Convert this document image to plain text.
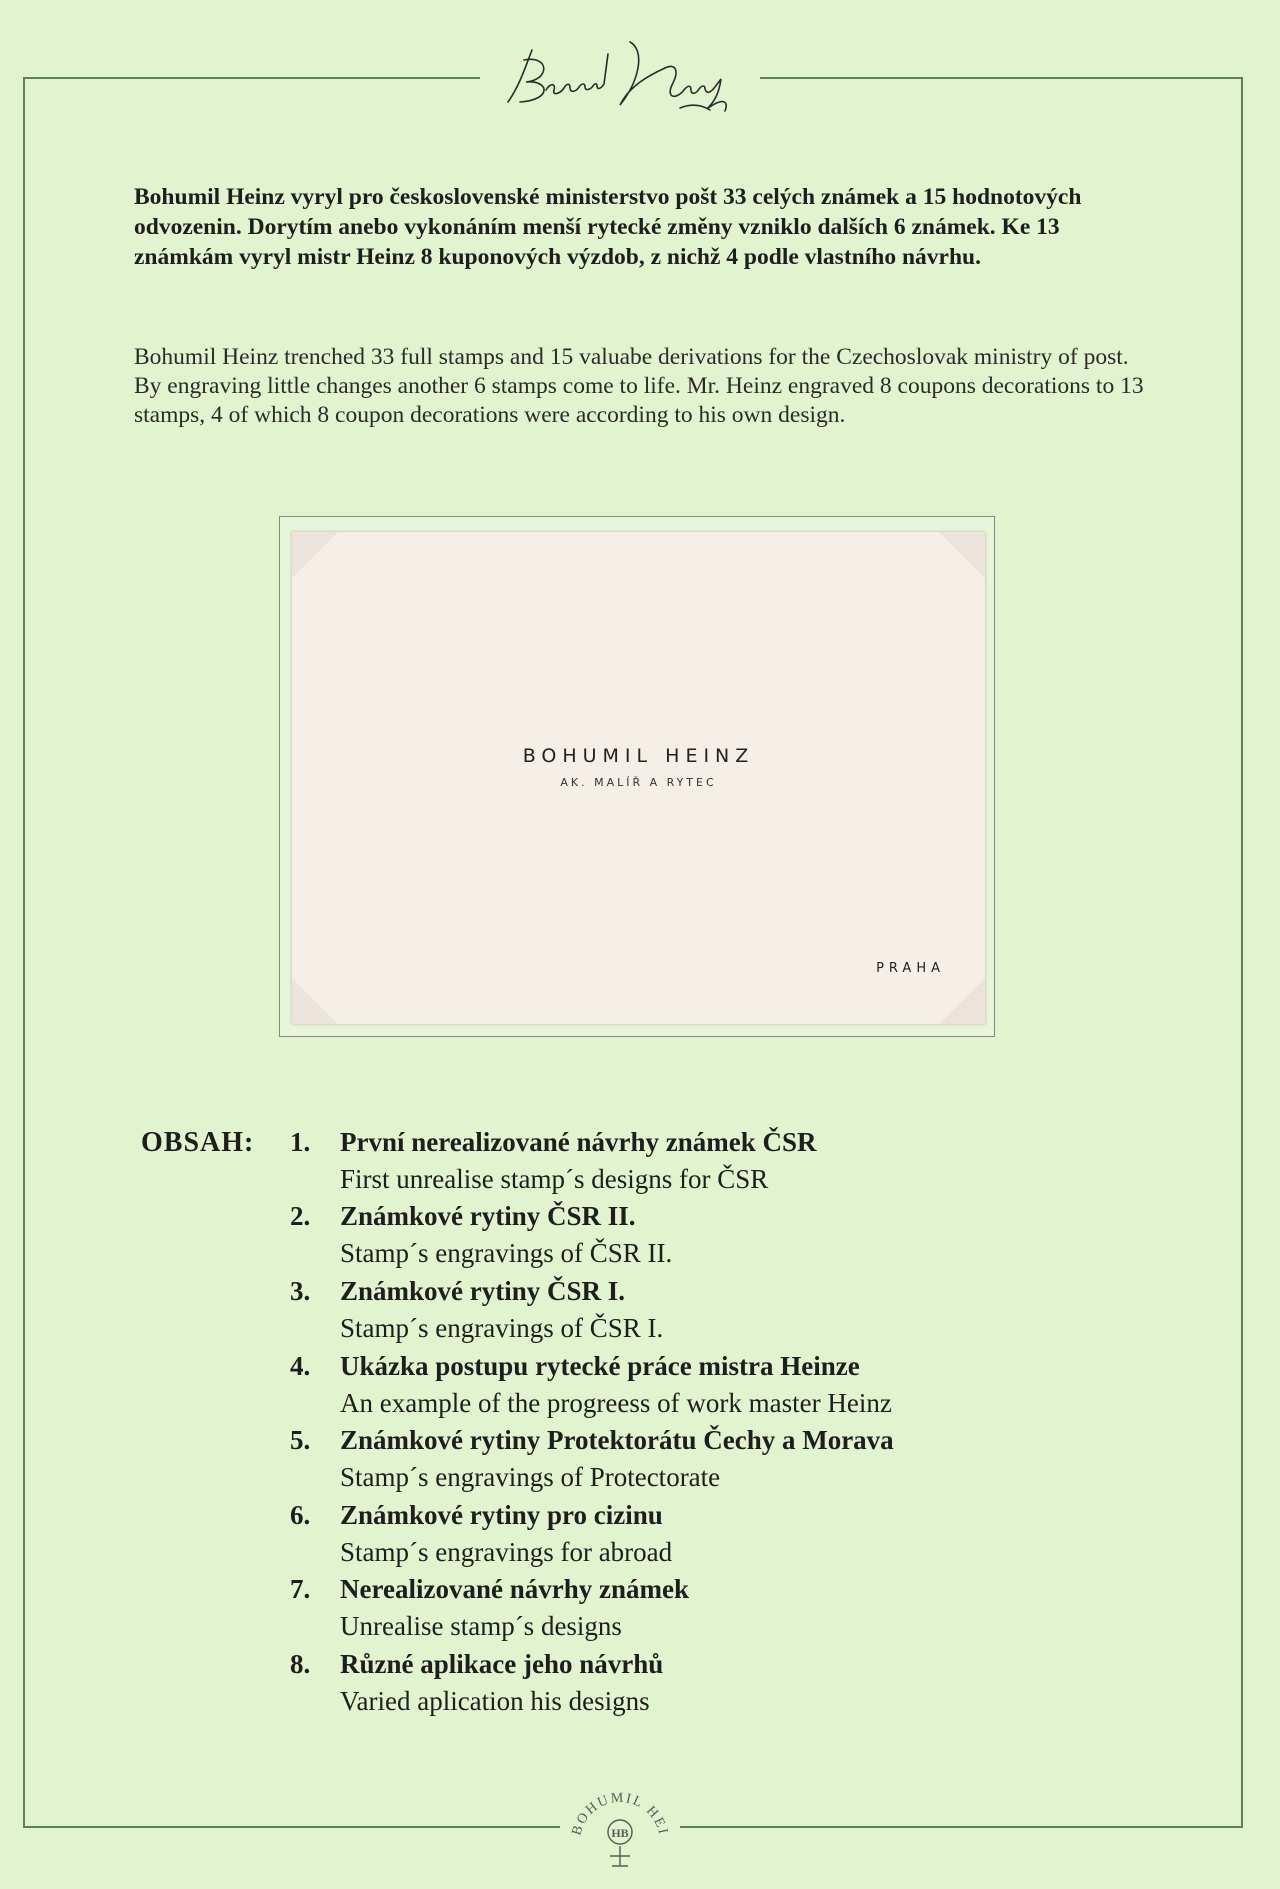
Bohumil Heinz vyryl pro československé ministerstvo pošt 33 celých známek a 15 hodnotových odvozenin. Dorytím anebo vykonáním menší rytecké změny vzniklo dalších 6 známek. Ke 13 známkám vyryl mistr Heinz 8 kuponových výzdob, z nichž 4 podle vlastního návrhu.

Bohumil Heinz trenched 33 full stamps and 15 valuabe derivations for the Czechoslovak ministry of post. By engraving little changes another 6 stamps come to life. Mr. Heinz engraved 8 coupons decorations to 13 stamps, 4 of which 8 coupon decorations were according to his own design.

BOHUMIL HEINZ
AK. MALÍŘ A RYTEC
PRAHA
OBSAH: 1.	První nerealizované návrhy známek ČSR
First unrealise stamp´s designs for ČSR
2.	Známkové rytiny ČSR II.
Stamp´s engravings of ČSR II.
3.	Známkové rytiny ČSR I.
Stamp´s engravings of ČSR I.
4.	Ukázka postupu rytecké práce mistra Heinze
An example of the progreess of work master Heinz
5.	Známkové rytiny Protektorátu Čechy a Morava
Stamp´s engravings of Protectorate
6.	Známkové rytiny pro cizinu
Stamp´s engravings for abroad
7.	Nerealizované návrhy známek
Unrealise stamp´s designs
8.	Různé aplikace jeho návrhů
Varied aplication his designs
BOHUMIL HEI
HB
